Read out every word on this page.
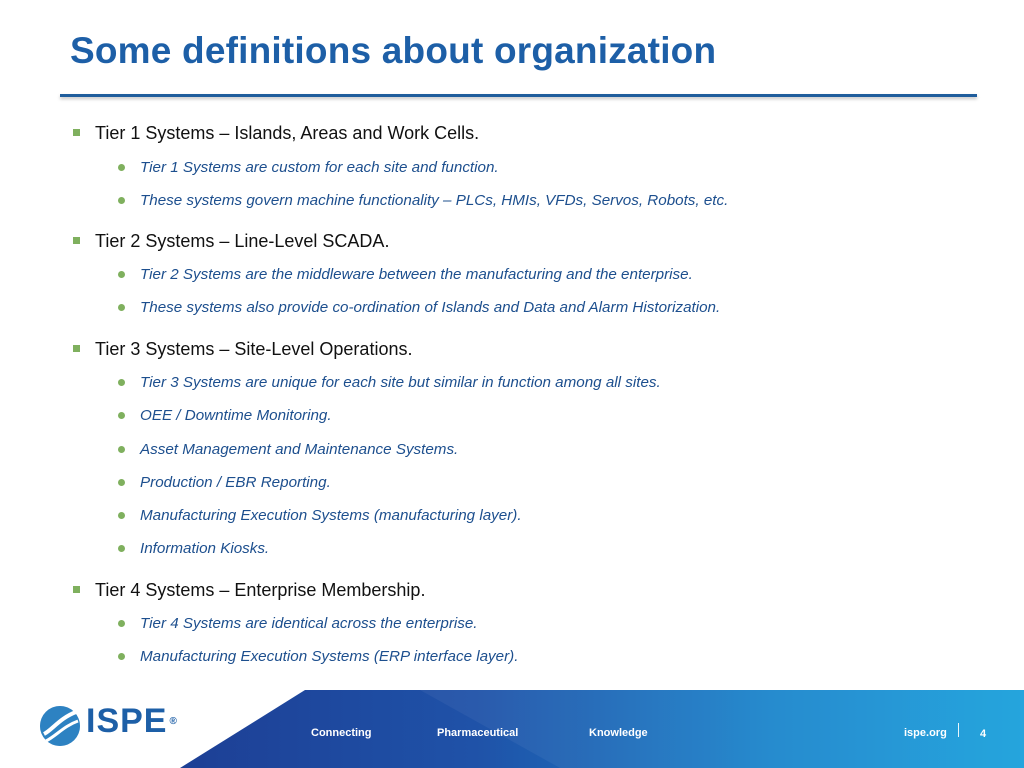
Some definitions about organization
Tier 1 Systems – Islands, Areas and Work Cells.
Tier 1 Systems are custom for each site and function.
These systems govern machine functionality – PLCs, HMIs, VFDs, Servos, Robots, etc.
Tier 2 Systems – Line-Level SCADA.
Tier 2 Systems are the middleware between the manufacturing and the enterprise.
These systems also provide co-ordination of Islands and Data and Alarm Historization.
Tier 3 Systems – Site-Level Operations.
Tier 3 Systems are unique for each site but similar in function among all sites.
OEE / Downtime Monitoring.
Asset Management and Maintenance Systems.
Production / EBR Reporting.
Manufacturing Execution Systems (manufacturing layer).
Information Kiosks.
Tier 4 Systems – Enterprise Membership.
Tier 4 Systems are identical across the enterprise.
Manufacturing Execution Systems (ERP interface layer).
ISPE ®
Connecting	Pharmaceutical	Knowledge	ispe.org	4
